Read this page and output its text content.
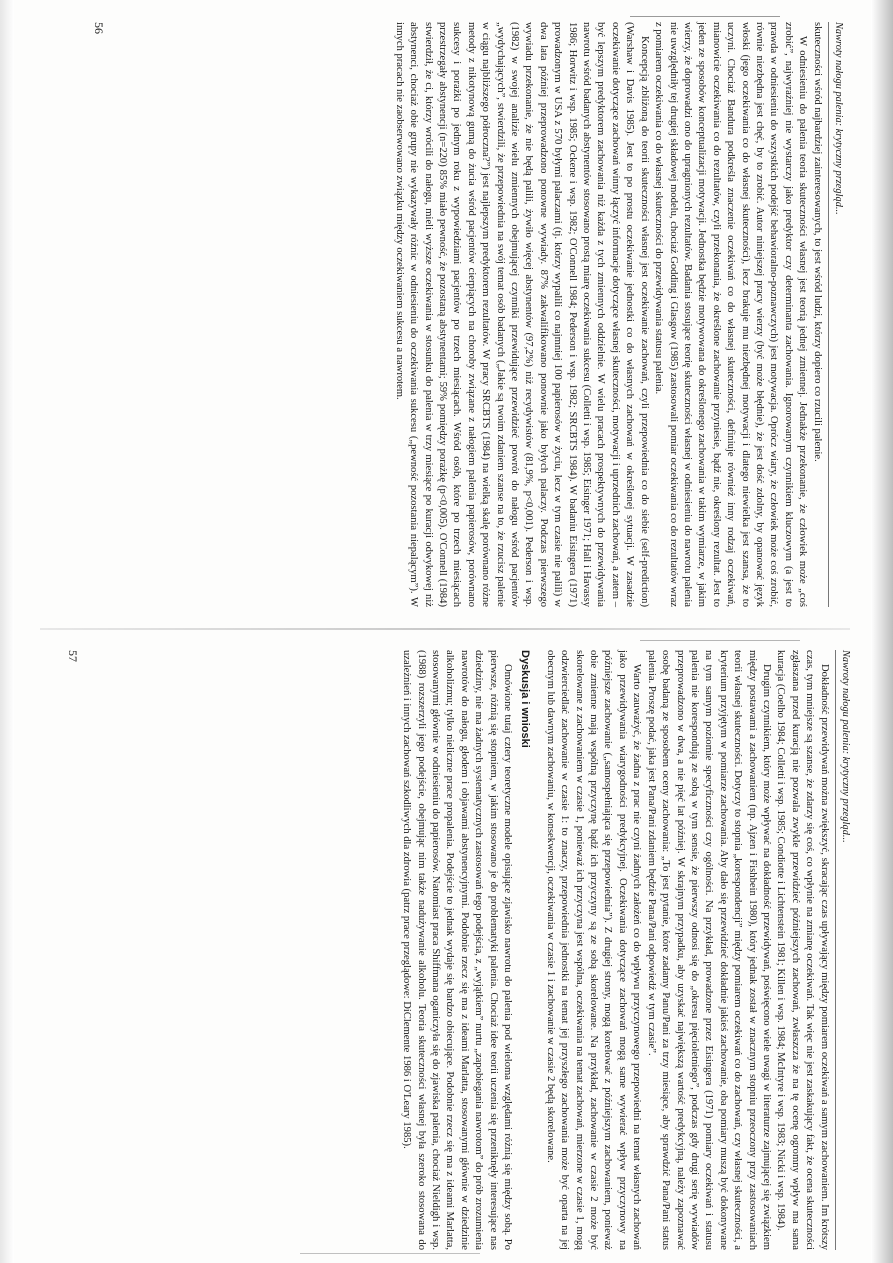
Nawroty nałogu palenia: krytyczny przegląd...

skuteczności wśród najbardziej zainteresowanych, to jest wśród ludzi, którzy dopiero co rzucili palenie.

W odniesieniu do palenia teoria skuteczności własnej jest teorią jednej zmiennej. Jednakże przekonanie, że człowiek może „coś zrobić”, najwyraźniej nie wystarczy jako predyktor czy determinanta zachowania. Ignorowanym czynnikiem kluczowym (a jest to prawda w odniesieniu do wszystkich podejść behawioralno-poznawczych) jest motywacja. Oprócz wiary, że człowiek może coś zrobić, równie niezbędna jest chęć, by to zrobić. Autor niniejszej pracy wierzy (być może błędnie), że jest dość zdolny, by opanować język włoski (jego oczekiwania co do własnej skuteczności), lecz brakuje mu niezbędnej motywacji i dlatego niewielka jest szansa, że to uczyni. Chociaż Bandura podkreśla znaczenie oczekiwań co do własnej skuteczności, definiuje również inny rodzaj oczekiwań, mianowicie oczekiwania co do rezultatów, czyli przekonania, że określone zachowanie przyniesie, bądź nie, określony rezultat. Jest to jeden ze sposobów konceptualizacji motywacji. Jednostka będzie motywowana do określonego zachowania w takim wymiarze, w jakim wierzy, że doprowadzi ono do upragnionych rezultatów. Badania stosujące teorię skuteczności własnej w odniesieniu do nawrotu palenia nie uwzględniły tej drugiej składowej modelu, chociaż Godding i Glasgow (1985) zastosowali pomiar oczekiwania co do rezultatów wraz z pomiarem oczekiwania co do własnej skuteczności do przewidywania statusu palenia.

Koncepcją zbliżoną do teorii skuteczności własnej jest oczekiwanie zachowań, czyli przepowiednia co do siebie (self-prediction) (Warshaw i Davis 1985). Jest to po prostu oczekiwanie jednostki co do własnych zachowań w określonej sytuacji. W zasadzie oczekiwanie dotyczące zachowań winny łączyć informacje dotyczące własnej skuteczności, motywacji i uprzednich zachowań, a zatem – być lepszym predyktorem zachowania niż każda z tych zmiennych oddzielnie. W wielu pracach prospektywnych do przewidywania nawrotu wśród badanych abstynentów stosowano prostą miarę oczekiwania sukcesu (Colletti i wsp. 1985; Eisinger 1971; Hall i Havassy 1986; Horwitz i wsp. 1985; Ockene i wsp. 1982; O'Connell 1984; Pederson i wsp. 1982; SRCBTS 1984). W badaniu Eisingera (1971) prowadzonym w USA z 570 byłymi palaczami (tj. którzy wypalili co najmniej 100 papierosów w życiu, lecz w tym czasie nie palili) w dwa lata później przeprowadzono ponowne wywiady. 87% zakwalifikowano ponownie jako byłych palaczy. Podczas pierwszego wywiadu przekonanie, że nie będą palili, żywiło więcej abstynentów (97,2%) niż recydywistów (81,9%, p<0,001). Pederson i wsp. (1982) w swojej analizie wielu zmiennych obejmującej czynniki przewidujące przewidzieć powrót do nałogu wśród pacjentów „wydychających”, stwierdzili, że przepowiednia na swój temat osób badanych („Jakie są twoim zdaniem szanse na to, że rzucisz palenie w ciągu najbliższego półroczna?”) jest najlepszym predyktorem rezultatów. W pracy SRCBTS (1984) na wielką skalę porównano różne metody z nikotynową gumą do żucia wśród pacjentów cierpiących na choroby związane z nałogiem palenia papierosów, porównano sukcesy i porażki po jednym roku z wypowiedziami pacjentów po trzech miesiącach. Wśród osób, które po trzech miesiącach przestrzegały abstynencji (n=220) 85% miało pewność, że pozostaną abstynentami; 59% pomiędzy porażkę (p<0,005). O'Connell (1984) stwierdził, że ci, którzy wrócili do nałogu, mieli wyższe oczekiwania w stosunku do palenia w trzy miesiące po kuracji odwykowej niż abstynenci, chociaż obie grupy nie wykazywały różnic w odniesieniu do oczekiwania sukcesu („pewność pozostania niepalącym”). W innych pracach nie zaobserwowano związku między oczekiwaniem sukcesu a nawrotem.

56
Nawroty nałogu palenia: krytyczny przegląd...

Dokładność przewidywań można zwiększyć, skracając czas upływający między pomiarem oczekiwań a samym zachowaniem. Im krótszy czas, tym mniejsze są szanse, że zdarzy się coś, co wpłynie na zmianę oczekiwań. Tak więc nie jest zaskakujący fakt, że ocena skuteczności zgłaszana przed kuracją nie pozwala zwykle przewidzieć późniejszych zachowań, zwłaszcza że na tę ocenę ogromny wpływ ma sama kuracja (Coelho 1984; Colletti i wsp. 1985; Condiotte i Lichtenstein 1981; Killen i wsp. 1984; McIntyre i wsp. 1983; Nicki i wsp. 1984).

Drugim czynnikiem, który może wpływać na dokładność przewidywań, poświęcono wiele uwagi w literaturze zajmującej się związkiem między postawami a zachowaniem (np. Ajzen i Fishbein 1980), który jednak został w znacznym stopniu przeoczony przy zastosowaniach teorii własnej skuteczności. Dotyczy to stopnia „korespondencji” między pomiarem oczekiwań co do zachowań, czy własnej skuteczności, a kryterium przyjętym w pomiarze zachowania. Aby dało się przewidzieć dokładnie jakieś zachowanie, oba pomiary muszą być dokonywane na tym samym poziomie specyficzności czy ogólności. Na przykład, prowadzone przez Eisingera (1971) pomiary oczekiwań i statusu palenia nie korespondują ze sobą w tym sensie, że pierwszy odnosi się do „okresu pięcioletniego”, podczas gdy drugi serię wywiadów przeprowadzono w dwa, a nie pięć lat później. W skrajnym przypadku, aby uzyskać największą wartość predykcyjną, należy zapoznawać osobę badaną ze sposobem oceny zachowania: „To jest pytanie, które zadamy Panu/Pani za trzy miesiące, aby sprawdzić Pana/Pani status palenia. Proszę podać, jaka jest Pana/Pani zdaniem będzie Pana/Pani odpowiedź w tym czasie”.

Warto zauważyć, że żadna z prac nie czyni żadnych założeń co do wpływu przyczynowego przepowiedni na temat własnych zachowań jako przewidywania wiarygodności predykcyjnej. Oczekiwania dotyczące zachowań mogą same wywierać wpływ przyczynowy na późniejsze zachowanie („samospełniająca się przepowiednia”). Z drugiej strony, mogą korelować z późniejszym zachowaniem, ponieważ obie zmienne mają wspólną przyczynę bądź ich przyczyny są ze sobą skorelowane. Na przykład, zachowanie w czasie 2 może być skorelowane z zachowaniem w czasie 1, ponieważ ich przyczyna jest wspólna, oczekiwania na temat zachowań, mierzone w czasie 1, mogą odzwierciedlać zachowanie w czasie 1: to znaczy, przepowiednia jednostki na temat jej przyszłego zachowania może być oparta na jej obecnym lub dawnym zachowaniu, w konsekwencji, oczekiwania w czasie 1 i zachowanie w czasie 2 będą skorelowane.

Dyskusja i wnioski

Omówione tutaj cztery teoretyczne modele opisujące zjawisko nawrotu do palenia pod wieloma względami różnią się między sobą. Po pierwsze, różnią się stopniem, w jakim stosowano je do problematyki palenia. Chociaż idee teorii uczenia się przeniknęły interesujące nas dziedziny, nie ma żadnych systematycznych zastosowań tego podejścia, z „wyjątkiem” nurtu „zapobiegania nawrotom” do prób zrozumienia nawrotów do nałogu, głodem i objawami abstynencyjnymi. Podobnie rzecz się ma z ideami Marlatta, stosowanymi głównie w dziedzinie alkoholizmu; tylko nieliczne prace propalenia. Podejście to jednak wydaje się bardzo obiecujące. Podobnie rzecz się ma z ideami Marlatta, stosowanymi głównie w odniesieniu do papierosów. Natomiast praca Shiffmana oganiczyła się do zjawiska palenia, chociaż Nieldigh i wsp. (1988) rozszerzyli jego podejście, obejmując nim także nadużywanie alkoholu. Teoria skuteczności własnej była szeroko stosowana do uzależnień i innych zachowań szkodliwych dla zdrowia (patrz prace przeglądowe: DiClemente 1986 i O'Leary 1985).

57
